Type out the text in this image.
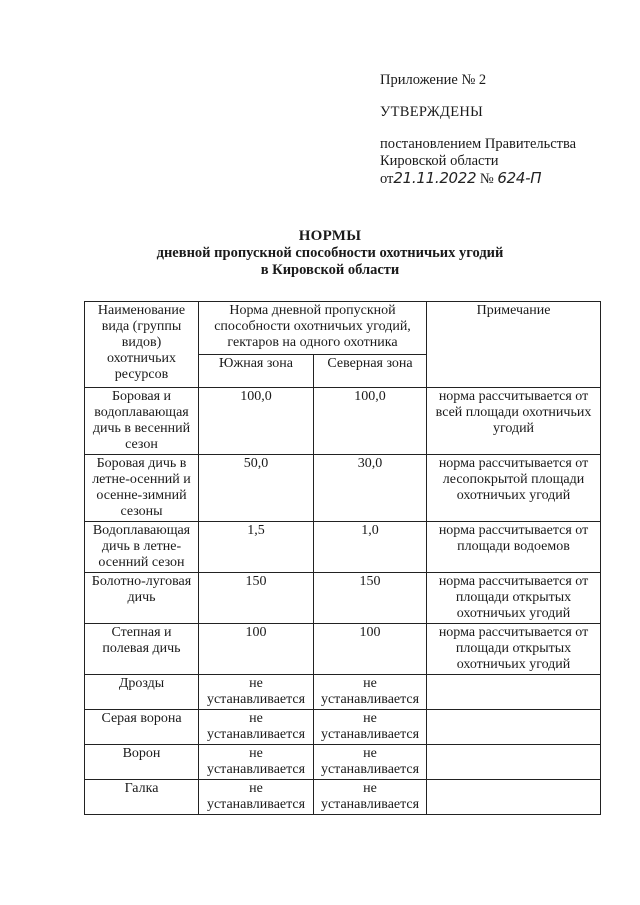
Приложение № 2
УТВЕРЖДЕНЫ
постановлением Правительства
Кировской области
от21.11.2022 № 624-П
НОРМЫ
дневной пропускной способности охотничьих угодий
в Кировской области
Наименование вида (группы видов) охотничьих ресурсов	Норма дневной пропускной способности охотничьих угодий, гектаров на одного охотника		Примечание
	Южная зона	Северная зона	
Боровая и водоплавающая дичь в весенний сезон	100,0	100,0	норма рассчитывается от всей площади охотничьих угодий
Боровая дичь в летне-осенний и осенне-зимний сезоны	50,0	30,0	норма рассчитывается от лесопокрытой площади охотничьих угодий
Водоплавающая дичь в летне-осенний сезон	1,5	1,0	норма рассчитывается от площади водоемов
Болотно-луговая дичь	150	150	норма рассчитывается от площади открытых охотничьих угодий
Степная и полевая дичь	100	100	норма рассчитывается от площади открытых охотничьих угодий
Дрозды	не устанавливается	не устанавливается	
Серая ворона	не устанавливается	не устанавливается	
Ворон	не устанавливается	не устанавливается	
Галка	не устанавливается	не устанавливается	
